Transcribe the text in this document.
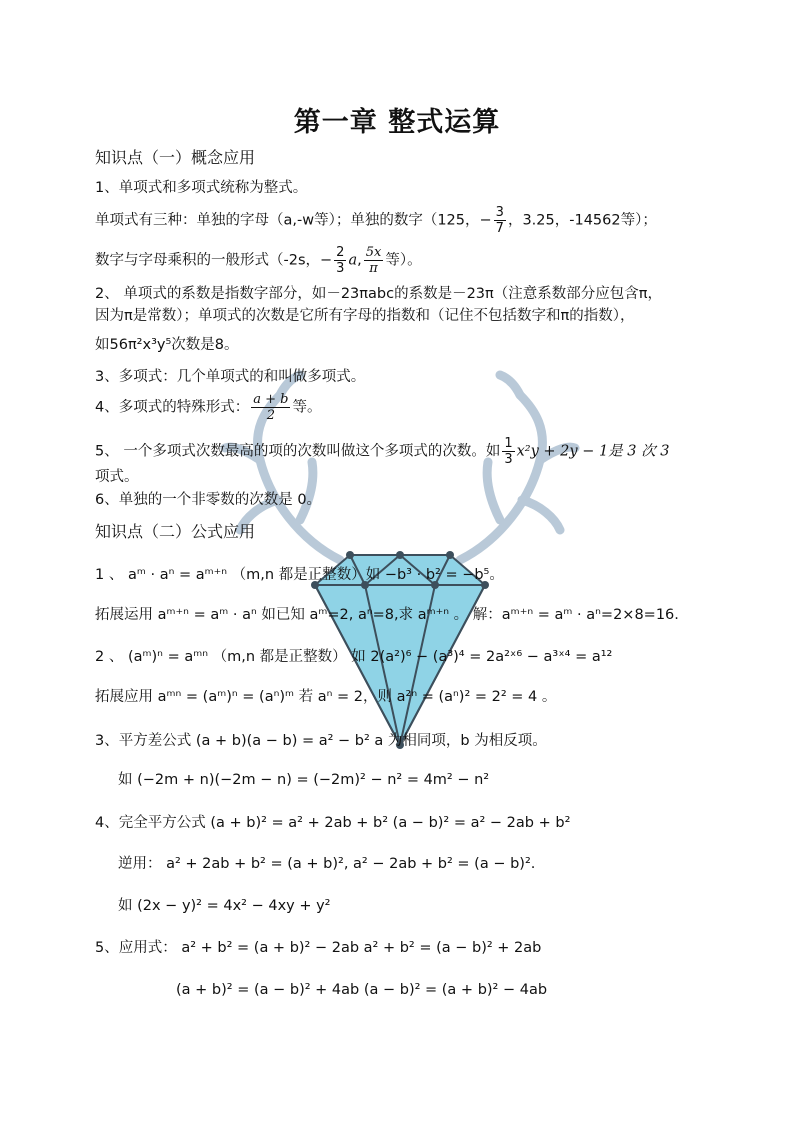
第一章 整式运算
知识点（一）概念应用
1、单项式和多项式统称为整式。
单项式有三种：单独的字母（a,-w等）；单独的数字（125，− $\frac{3}{7}$ ，3.25，-14562等）；
数字与字母乘积的一般形式（-2s，− $\frac{2}{3} a$, $\frac{5x}{\pi}$ 等）。
2、 单项式的系数是指数字部分，如－23πabc的系数是－23π（注意系数部分应包含π，
因为π是常数）；单项式的次数是它所有字母的指数和（记住不包括数字和π的指数），
如56π²x³y⁵次数是8。
3、多项式：几个单项式的和叫做多项式。
4、多项式的特殊形式： $\frac{a + b}{2}$ 等。
5、 一个多项式次数最高的项的次数叫做这个多项式的次数。如 $\frac{1}{3} x^2y + 2y - 1$是 3 次 3
项式。
6、单独的一个非零数的次数是 0。
知识点（二）公式应用
1 、 aᵐ · aⁿ = aᵐ⁺ⁿ （m,n 都是正整数）如 −b³ · b² = −b⁵。
拓展运用 aᵐ⁺ⁿ = aᵐ · aⁿ 如已知 aᵐ=2, aⁿ=8,求 aᵐ⁺ⁿ 。 解：aᵐ⁺ⁿ = aᵐ · aⁿ=2×8=16.
2 、 (aᵐ)ⁿ = aᵐⁿ （m,n 都是正整数） 如 2(a²)⁶ − (a³)⁴ = 2a²ˣ⁶ − a³ˣ⁴ = a¹²
拓展应用 aᵐⁿ = (aᵐ)ⁿ = (aⁿ)ᵐ 若 aⁿ = 2，则 a²ⁿ = (aⁿ)² = 2² = 4 。
3、平方差公式 (a + b)(a − b) = a² − b² a 为相同项，b 为相反项。
如 (−2m + n)(−2m − n) = (−2m)² − n² = 4m² − n²
4、完全平方公式 (a + b)² = a² + 2ab + b² (a − b)² = a² − 2ab + b²
逆用： a² + 2ab + b² = (a + b)², a² − 2ab + b² = (a − b)².
如 (2x − y)² = 4x² − 4xy + y²
5、应用式： a² + b² = (a + b)² − 2ab a² + b² = (a − b)² + 2ab
(a + b)² = (a − b)² + 4ab (a − b)² = (a + b)² − 4ab
